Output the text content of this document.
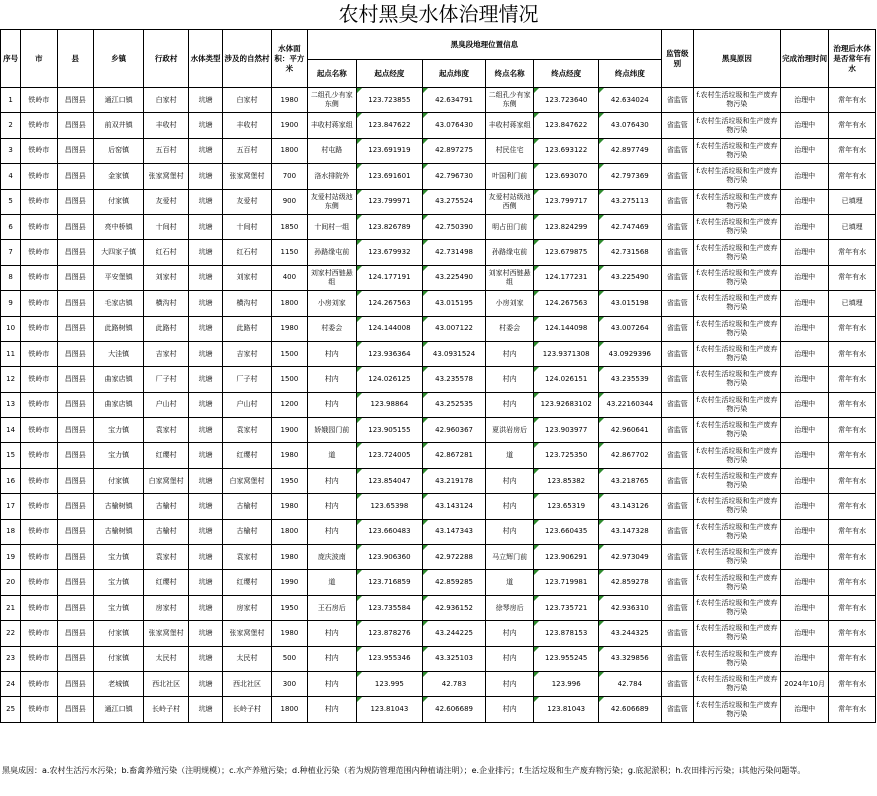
农村黑臭水体治理情况
序号	市	县	乡镇	行政村	水体类型	涉及的自然村	水体面积：平方米	黑臭段地理位置信息						监管级别	黑臭原因	完成治理时间	治理后水体是否常年有水
								起点名称	起点经度	起点纬度	终点名称	终点经度	终点纬度				
1	铁岭市	昌图县	通江口镇	白家村	坑塘	白家村	1980	二组孔少有家东侧	123.723855	42.634791	二组孔少有家东侧	123.723640	42.634024	省监管	f.农村生活垃圾和生产废弃物污染	治理中	常年有水
2	铁岭市	昌图县	前双井镇	丰收村	坑塘	丰收村	1900	丰收村蒋家组	123.847622	43.076430	丰收村蒋家组	123.847622	43.076430	省监管	f.农村生活垃圾和生产废弃物污染	治理中	常年有水
3	铁岭市	昌图县	后窑镇	五百村	坑塘	五百村	1800	村屯路	123.691919	42.897275	村民住宅	123.693122	42.897749	省监管	f.农村生活垃圾和生产废弃物污染	治理中	常年有水
4	铁岭市	昌图县	金家镇	张家窝堡村	坑塘	张家窝堡村	700	洛水排院外	123.691601	42.796730	叶国利门前	123.693070	42.797369	省监管	f.农村生活垃圾和生产废弃物污染	治理中	常年有水
5	铁岭市	昌图县	付家镇	友爱村	坑塘	友爱村	900	友爱村站级池东侧	123.799971	43.275524	友爱村站级池西侧	123.799717	43.275113	省监管	f.农村生活垃圾和生产废弃物污染	治理中	已填埋
6	铁岭市	昌图县	亮中桥镇	十间村	坑塘	十间村	1850	十间村一组	123.826789	42.750390	明占田门前	123.824299	42.747469	省监管	f.农村生活垃圾和生产废弃物污染	治理中	已填埋
7	铁岭市	昌图县	大四家子镇	红石村	坑塘	红石村	1150	孙路缘屯前	123.679932	42.731498	孙路缘屯前	123.679875	42.731568	省监管	f.农村生活垃圾和生产废弃物污染	治理中	常年有水
8	铁岭市	昌图县	平安堡镇	刘家村	坑塘	刘家村	400	刘家村西链悬组	124.177191	43.225490	刘家村西链悬组	124.177231	43.225490	省监管	f.农村生活垃圾和生产废弃物污染	治理中	常年有水
9	铁岭市	昌图县	毛家店镇	横沟村	坑塘	横沟村	1800	小房刘家	124.267563	43.015195	小房刘家	124.267563	43.015198	省监管	f.农村生活垃圾和生产废弃物污染	治理中	已填埋
10	铁岭市	昌图县	此路树镇	此路村	坑塘	此路村	1980	村委会	124.144008	43.007122	村委会	124.144098	43.007264	省监管	f.农村生活垃圾和生产废弃物污染	治理中	常年有水
11	铁岭市	昌图县	大洼镇	吉家村	坑塘	吉家村	1500	村内	123.936364	43.0931524	村内	123.9371308	43.0929396	省监管	f.农村生活垃圾和生产废弃物污染	治理中	常年有水
12	铁岭市	昌图县	曲家店镇	厂子村	坑塘	厂子村	1500	村内	124.026125	43.235578	村内	124.026151	43.235539	省监管	f.农村生活垃圾和生产废弃物污染	治理中	常年有水
13	铁岭市	昌图县	曲家店镇	户山村	坑塘	户山村	1200	村内	123.98864	43.252535	村内	123.92683102	43.22160344	省监管	f.农村生活垃圾和生产废弃物污染	治理中	常年有水
14	铁岭市	昌图县	宝力镇	袁家村	坑塘	袁家村	1900	娇娥园门前	123.905155	42.960367	夏洪岩房后	123.903977	42.960641	省监管	f.农村生活垃圾和生产废弃物污染	治理中	常年有水
15	铁岭市	昌图县	宝力镇	红缨村	坑塘	红缨村	1980	道	123.724005	42.867281	道	123.725350	42.867702	省监管	f.农村生活垃圾和生产废弃物污染	治理中	常年有水
16	铁岭市	昌图县	付家镇	白家窝堡村	坑塘	白家窝堡村	1950	村内	123.854047	43.219178	村内	123.85382	43.218765	省监管	f.农村生活垃圾和生产废弃物污染	治理中	常年有水
17	铁岭市	昌图县	古榆树镇	古榆村	坑塘	古榆村	1980	村内	123.65398	43.143124	村内	123.65319	43.143126	省监管	f.农村生活垃圾和生产废弃物污染	治理中	常年有水
18	铁岭市	昌图县	古榆树镇	古榆村	坑塘	古榆村	1800	村内	123.660483	43.147343	村内	123.660435	43.147328	省监管	f.农村生活垃圾和生产废弃物污染	治理中	常年有水
19	铁岭市	昌图县	宝力镇	袁家村	坑塘	袁家村	1980	庞庆波南	123.906360	42.972288	马立辉门前	123.906291	42.973049	省监管	f.农村生活垃圾和生产废弃物污染	治理中	常年有水
20	铁岭市	昌图县	宝力镇	红缨村	坑塘	红缨村	1990	道	123.716859	42.859285	道	123.719981	42.859278	省监管	f.农村生活垃圾和生产废弃物污染	治理中	常年有水
21	铁岭市	昌图县	宝力镇	房家村	坑塘	房家村	1950	王石房后	123.735584	42.936152	徐琴房后	123.735721	42.936310	省监管	f.农村生活垃圾和生产废弃物污染	治理中	常年有水
22	铁岭市	昌图县	付家镇	张家窝堡村	坑塘	张家窝堡村	1980	村内	123.878276	43.244225	村内	123.878153	43.244325	省监管	f.农村生活垃圾和生产废弃物污染	治理中	常年有水
23	铁岭市	昌图县	付家镇	太民村	坑塘	太民村	500	村内	123.955346	43.325103	村内	123.955245	43.329856	省监管	f.农村生活垃圾和生产废弃物污染	治理中	常年有水
24	铁岭市	昌图县	老城镇	西北社区	坑塘	西北社区	300	村内	123.995	42.783	村内	123.996	42.784	省监管	f.农村生活垃圾和生产废弃物污染	2024年10月	常年有水
25	铁岭市	昌图县	通江口镇	长岭子村	坑塘	长岭子村	1800	村内	123.81043	42.606689	村内	123.81043	42.606689	省监管	f.农村生活垃圾和生产废弃物污染	治理中	常年有水
黑臭成因：a.农村生活污水污染；b.畜禽养殖污染（注明规模）；c.水产养殖污染；d.种植业污染（若为规防管理范围内种植请注明）；e.企业排污；f.生活垃圾和生产废弃物污染；g.底泥淤积；h.农田排污污染；i其他污染问题等。
